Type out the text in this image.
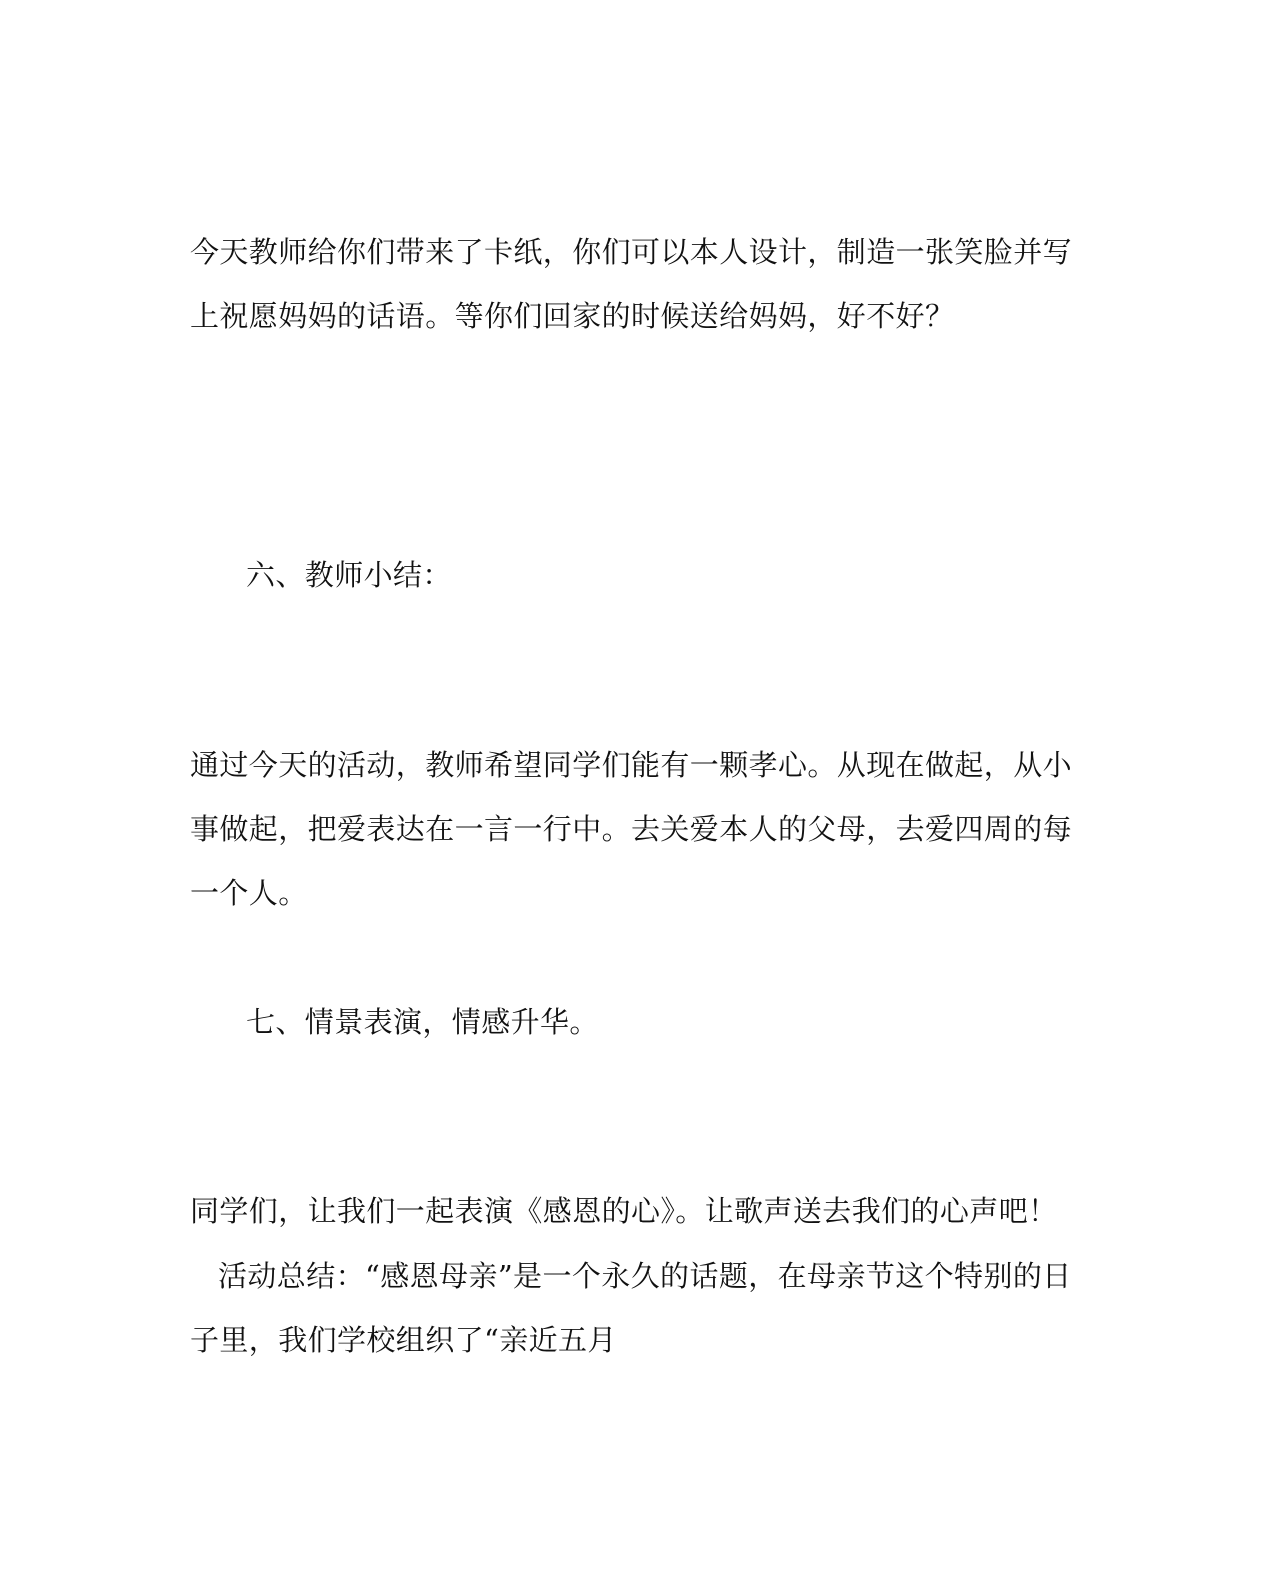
今天教师给你们带来了卡纸，你们可以本人设计，制造一张笑脸并写
上祝愿妈妈的话语。等你们回家的时候送给妈妈，好不好？
六、教师小结：
通过今天的活动，教师希望同学们能有一颗孝心。从现在做起，从小
事做起，把爱表达在一言一行中。去关爱本人的父母，去爱四周的每
一个人。
七、情景表演，情感升华。
同学们，让我们一起表演《感恩的心》。让歌声送去我们的心声吧！
活动总结：“感恩母亲”是一个永久的话题，在母亲节这个特别的日
子里，我们学校组织了“亲近五月
